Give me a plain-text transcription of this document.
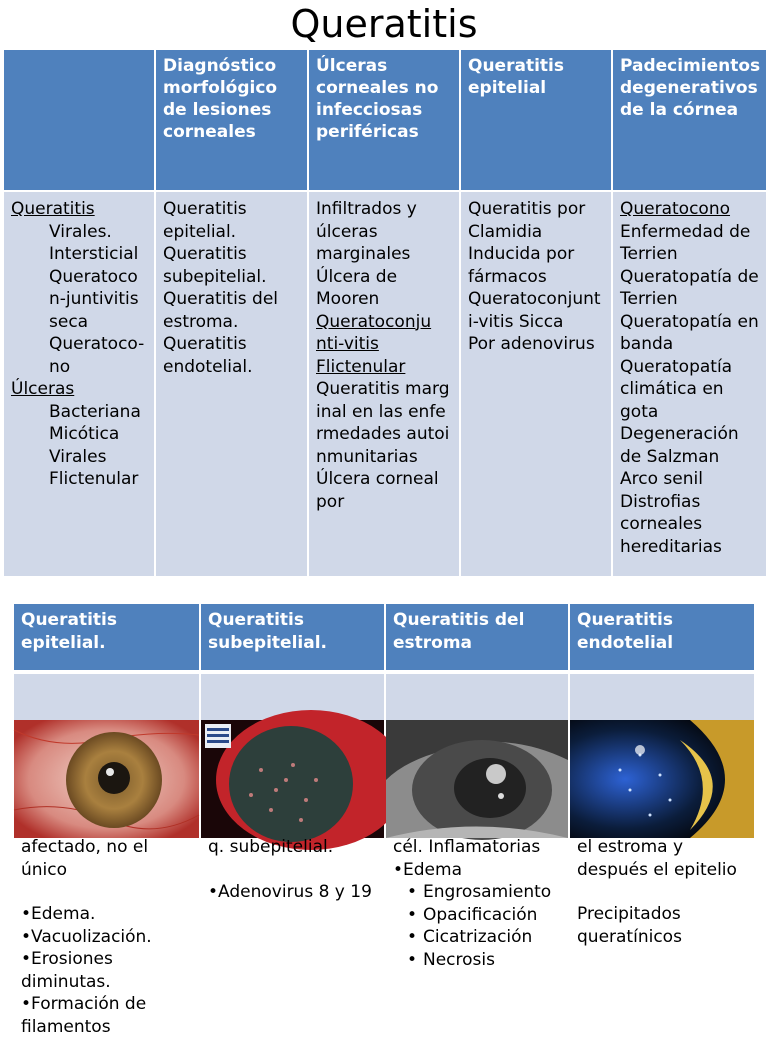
Queratitis
Diagnóstico morfológico de lesiones corneales
Úlceras corneales no infecciosas periféricas
Queratitis epitelial
Padecimientos degenerativos de la córnea
Queratitis
Virales.
Intersticial
Queratocon-juntivitis seca
Queratoco-no
Úlceras
Bacteriana
Micótica
Virales
Flictenular
Queratitis epitelial.
Queratitis subepitelial.
Queratitis del estroma.
Queratitis endotelial.
Infiltrados y úlceras marginales
Úlcera de Mooren
Queratoconju nti-vitis Flictenular
Queratitis marginal en las enfermedades autoinmunitarias
Úlcera corneal por
Queratitis por Clamidia
Inducida por fármacos
Queratoconjunti-vitis Sicca
Por adenovirus
Queratocono
Enfermedad de Terrien
Queratopatía de Terrien
Queratopatía en banda
Queratopatía climática en gota
Degeneración de Salzman
Arco senil
Distrofias corneales hereditarias
Queratitis epitelial.
Queratitis subepitelial.
Queratitis del estroma
Queratitis endotelial
afectado, no el único
•Edema.
•Vacuolización.
•Erosiones diminutas.
•Formación de filamentos
q. subepitelial.
•Adenovirus 8 y 19
cél. Inflamatorias
•Edema
• Engrosamiento
• Opacificación
• Cicatrización
• Necrosis
el estroma y después el epitelio
Precipitados queratínicos
